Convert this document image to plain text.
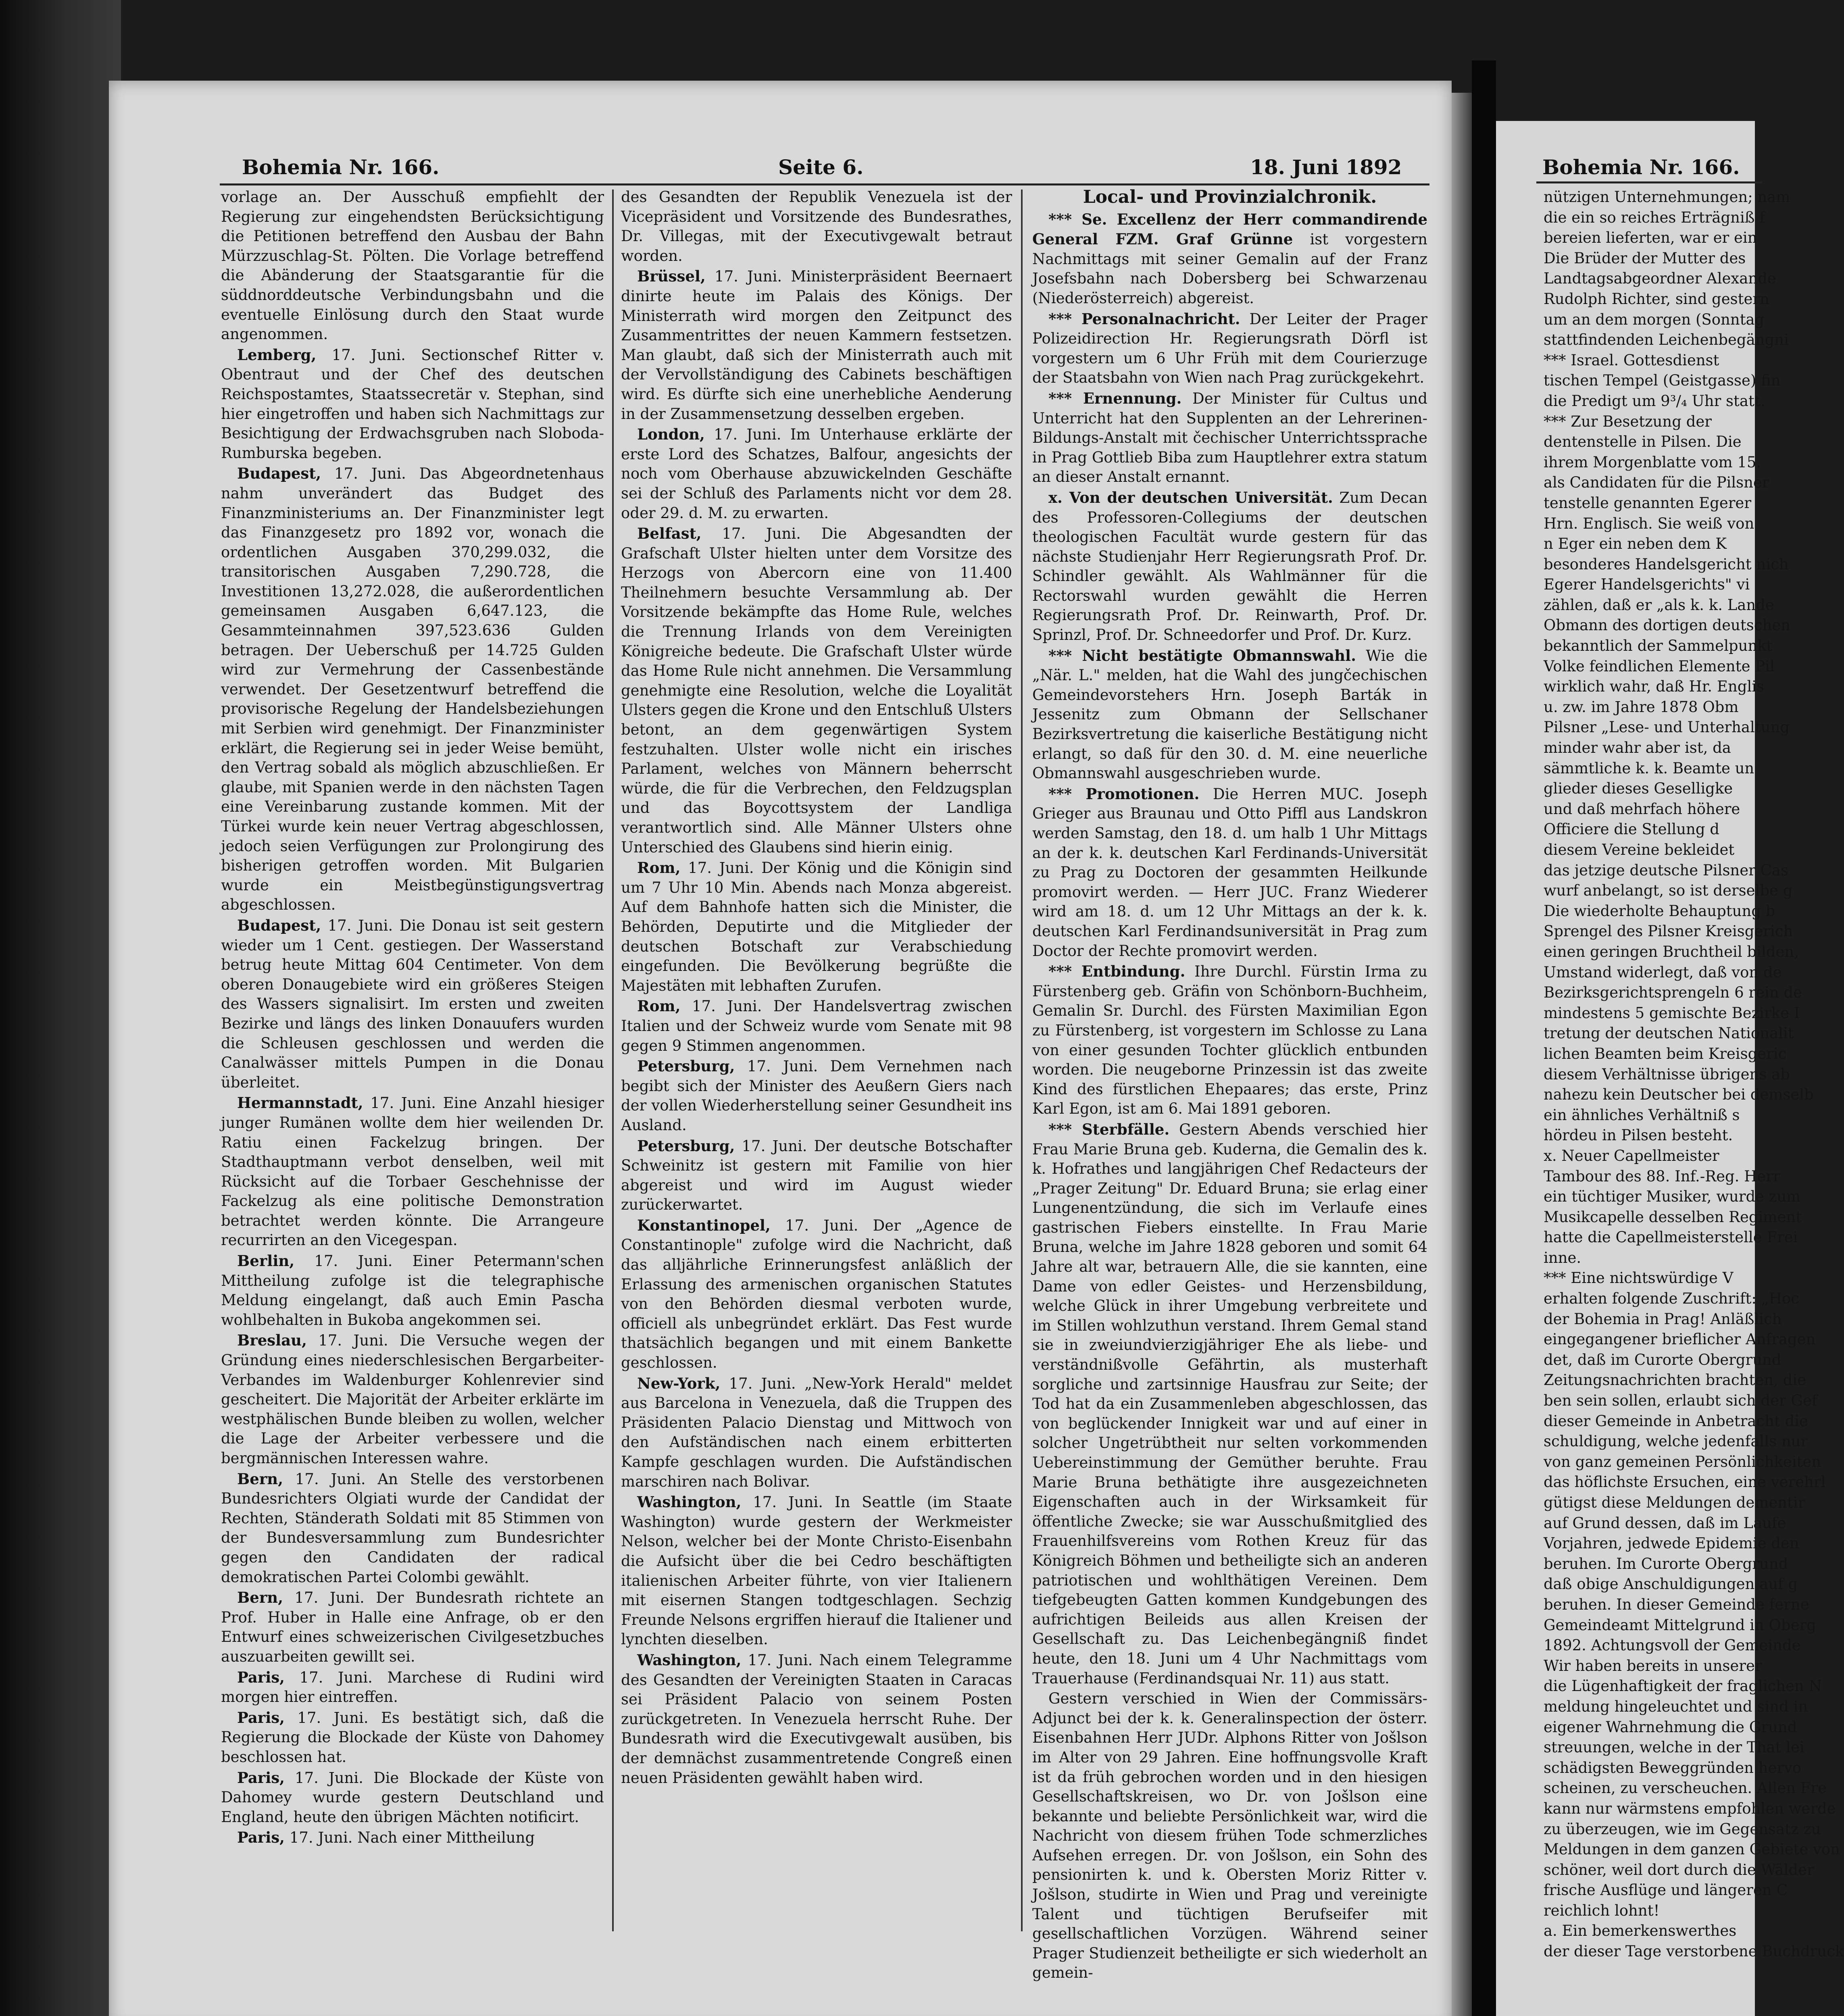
Bohemia Nr. 166.	Seite 6.	18. Juni 1892

vorlage an. Der Ausschuß empfiehlt der Regierung zur eingehendsten Berücksichtigung die Petitionen betreffend den Ausbau der Bahn Mürzzuschlag-St. Pölten. Die Vorlage betreffend die Abänderung der Staatsgarantie für die süddnorddeutsche Verbindungsbahn und die eventuelle Einlösung durch den Staat wurde angenommen.

Lemberg, 17. Juni. Sectionschef Ritter v. Obentraut und der Chef des deutschen Reichspostamtes, Staatssecretär v. Stephan, sind hier eingetroffen und haben sich Nachmittags zur Besichtigung der Erdwachsgruben nach Sloboda-Rumburska begeben.

Budapest, 17. Juni. Das Abgeordnetenhaus nahm unverändert das Budget des Finanzministeriums an. Der Finanzminister legt das Finanzgesetz pro 1892 vor, wonach die ordentlichen Ausgaben 370,299.032, die transitorischen Ausgaben 7,290.728, die Investitionen 13,272.028, die außerordentlichen gemeinsamen Ausgaben 6,647.123, die Gesammteinnahmen 397,523.636 Gulden betragen. Der Ueberschuß per 14.725 Gulden wird zur Vermehrung der Cassenbestände verwendet. Der Gesetzentwurf betreffend die provisorische Regelung der Handelsbeziehungen mit Serbien wird genehmigt. Der Finanzminister erklärt, die Regierung sei in jeder Weise bemüht, den Vertrag sobald als möglich abzuschließen. Er glaube, mit Spanien werde in den nächsten Tagen eine Vereinbarung zustande kommen. Mit der Türkei wurde kein neuer Vertrag abgeschlossen, jedoch seien Verfügungen zur Prolongirung des bisherigen getroffen worden. Mit Bulgarien wurde ein Meistbegünstigungsvertrag abgeschlossen.

Budapest, 17. Juni. Die Donau ist seit gestern wieder um 1 Cent. gestiegen. Der Wasserstand betrug heute Mittag 604 Centimeter. Von dem oberen Donaugebiete wird ein größeres Steigen des Wassers signalisirt. Im ersten und zweiten Bezirke und längs des linken Donauufers wurden die Schleusen geschlossen und werden die Canalwässer mittels Pumpen in die Donau überleitet.

Hermannstadt, 17. Juni. Eine Anzahl hiesiger junger Rumänen wollte dem hier weilenden Dr. Ratiu einen Fackelzug bringen. Der Stadthauptmann verbot denselben, weil mit Rücksicht auf die Torbaer Geschehnisse der Fackelzug als eine politische Demonstration betrachtet werden könnte. Die Arrangeure recurrirten an den Vicegespan.

Berlin, 17. Juni. Einer Petermann'schen Mittheilung zufolge ist die telegraphische Meldung eingelangt, daß auch Emin Pascha wohlbehalten in Bukoba angekommen sei.

Breslau, 17. Juni. Die Versuche wegen der Gründung eines niederschlesischen Bergarbeiter-Verbandes im Waldenburger Kohlenrevier sind gescheitert. Die Majorität der Arbeiter erklärte im westphälischen Bunde bleiben zu wollen, welcher die Lage der Arbeiter verbessere und die bergmännischen Interessen wahre.

Bern, 17. Juni. An Stelle des verstorbenen Bundesrichters Olgiati wurde der Candidat der Rechten, Ständerath Soldati mit 85 Stimmen von der Bundesversammlung zum Bundesrichter gegen den Candidaten der radical demokratischen Partei Colombi gewählt.

Bern, 17. Juni. Der Bundesrath richtete an Prof. Huber in Halle eine Anfrage, ob er den Entwurf eines schweizerischen Civilgesetzbuches auszuarbeiten gewillt sei.

Paris, 17. Juni. Marchese di Rudini wird morgen hier eintreffen.

Paris, 17. Juni. Es bestätigt sich, daß die Regierung die Blockade der Küste von Dahomey beschlossen hat.

Paris, 17. Juni. Die Blockade der Küste von Dahomey wurde gestern Deutschland und England, heute den übrigen Mächten notificirt.

Paris, 17. Juni. Nach einer Mittheilung

des Gesandten der Republik Venezuela ist der Vicepräsident und Vorsitzende des Bundesrathes, Dr. Villegas, mit der Executivgewalt betraut worden.

Brüssel, 17. Juni. Ministerpräsident Beernaert dinirte heute im Palais des Königs. Der Ministerrath wird morgen den Zeitpunct des Zusammentrittes der neuen Kammern festsetzen. Man glaubt, daß sich der Ministerrath auch mit der Vervollständigung des Cabinets beschäftigen wird. Es dürfte sich eine unerhebliche Aenderung in der Zusammensetzung desselben ergeben.

London, 17. Juni. Im Unterhause erklärte der erste Lord des Schatzes, Balfour, angesichts der noch vom Oberhause abzuwickelnden Geschäfte sei der Schluß des Parlaments nicht vor dem 28. oder 29. d. M. zu erwarten.

Belfast, 17. Juni. Die Abgesandten der Grafschaft Ulster hielten unter dem Vorsitze des Herzogs von Abercorn eine von 11.400 Theilnehmern besuchte Versammlung ab. Der Vorsitzende bekämpfte das Home Rule, welches die Trennung Irlands von dem Vereinigten Königreiche bedeute. Die Grafschaft Ulster würde das Home Rule nicht annehmen. Die Versammlung genehmigte eine Resolution, welche die Loyalität Ulsters gegen die Krone und den Entschluß Ulsters betont, an dem gegenwärtigen System festzuhalten. Ulster wolle nicht ein irisches Parlament, welches von Männern beherrscht würde, die für die Verbrechen, den Feldzugsplan und das Boycottsystem der Landliga verantwortlich sind. Alle Männer Ulsters ohne Unterschied des Glaubens sind hierin einig.

Rom, 17. Juni. Der König und die Königin sind um 7 Uhr 10 Min. Abends nach Monza abgereist. Auf dem Bahnhofe hatten sich die Minister, die Behörden, Deputirte und die Mitglieder der deutschen Botschaft zur Verabschiedung eingefunden. Die Bevölkerung begrüßte die Majestäten mit lebhaften Zurufen.

Rom, 17. Juni. Der Handelsvertrag zwischen Italien und der Schweiz wurde vom Senate mit 98 gegen 9 Stimmen angenommen.

Petersburg, 17. Juni. Dem Vernehmen nach begibt sich der Minister des Aeußern Giers nach der vollen Wiederherstellung seiner Gesundheit ins Ausland.

Petersburg, 17. Juni. Der deutsche Botschafter Schweinitz ist gestern mit Familie von hier abgereist und wird im August wieder zurückerwartet.

Konstantinopel, 17. Juni. Der „Agence de Constantinople" zufolge wird die Nachricht, daß das alljährliche Erinnerungsfest anläßlich der Erlassung des armenischen organischen Statutes von den Behörden diesmal verboten wurde, officiell als unbegründet erklärt. Das Fest wurde thatsächlich begangen und mit einem Bankette geschlossen.

New-York, 17. Juni. „New-York Herald" meldet aus Barcelona in Venezuela, daß die Truppen des Präsidenten Palacio Dienstag und Mittwoch von den Aufständischen nach einem erbitterten Kampfe geschlagen wurden. Die Aufständischen marschiren nach Bolivar.

Washington, 17. Juni. In Seattle (im Staate Washington) wurde gestern der Werkmeister Nelson, welcher bei der Monte Christo-Eisenbahn die Aufsicht über die bei Cedro beschäftigten italienischen Arbeiter führte, von vier Italienern mit eisernen Stangen todtgeschlagen. Sechzig Freunde Nelsons ergriffen hierauf die Italiener und lynchten dieselben.

Washington, 17. Juni. Nach einem Telegramme des Gesandten der Vereinigten Staaten in Caracas sei Präsident Palacio von seinem Posten zurückgetreten. In Venezuela herrscht Ruhe. Der Bundesrath wird die Executivgewalt ausüben, bis der demnächst zusammentretende Congreß einen neuen Präsidenten gewählt haben wird.

Local- und Provinzialchronik.

*** Se. Excellenz der Herr commandirende General FZM. Graf Grünne ist vorgestern Nachmittags mit seiner Gemalin auf der Franz Josefsbahn nach Dobersberg bei Schwarzenau (Niederösterreich) abgereist.

*** Personalnachricht. Der Leiter der Prager Polizeidirection Hr. Regierungsrath Dörfl ist vorgestern um 6 Uhr Früh mit dem Courierzuge der Staatsbahn von Wien nach Prag zurückgekehrt.

*** Ernennung. Der Minister für Cultus und Unterricht hat den Supplenten an der Lehrerinen-Bildungs-Anstalt mit čechischer Unterrichtssprache in Prag Gottlieb Biba zum Hauptlehrer extra statum an dieser Anstalt ernannt.

x. Von der deutschen Universität. Zum Decan des Professoren-Collegiums der deutschen theologischen Facultät wurde gestern für das nächste Studienjahr Herr Regierungsrath Prof. Dr. Schindler gewählt. Als Wahlmänner für die Rectorswahl wurden gewählt die Herren Regierungsrath Prof. Dr. Reinwarth, Prof. Dr. Sprinzl, Prof. Dr. Schneedorfer und Prof. Dr. Kurz.

*** Nicht bestätigte Obmannswahl. Wie die „När. L." melden, hat die Wahl des jungčechischen Gemeindevorstehers Hrn. Joseph Barták in Jessenitz zum Obmann der Sellschaner Bezirksvertretung die kaiserliche Bestätigung nicht erlangt, so daß für den 30. d. M. eine neuerliche Obmannswahl ausgeschrieben wurde.

*** Promotionen. Die Herren MUC. Joseph Grieger aus Braunau und Otto Piffl aus Landskron werden Samstag, den 18. d. um halb 1 Uhr Mittags an der k. k. deutschen Karl Ferdinands-Universität zu Prag zu Doctoren der gesammten Heilkunde promovirt werden. — Herr JUC. Franz Wiederer wird am 18. d. um 12 Uhr Mittags an der k. k. deutschen Karl Ferdinandsuniversität in Prag zum Doctor der Rechte promovirt werden.

*** Entbindung. Ihre Durchl. Fürstin Irma zu Fürstenberg geb. Gräfin von Schönborn-Buchheim, Gemalin Sr. Durchl. des Fürsten Maximilian Egon zu Fürstenberg, ist vorgestern im Schlosse zu Lana von einer gesunden Tochter glücklich entbunden worden. Die neugeborne Prinzessin ist das zweite Kind des fürstlichen Ehepaares; das erste, Prinz Karl Egon, ist am 6. Mai 1891 geboren.

*** Sterbfälle. Gestern Abends verschied hier Frau Marie Bruna geb. Kuderna, die Gemalin des k. k. Hofrathes und langjährigen Chef Redacteurs der „Prager Zeitung" Dr. Eduard Bruna; sie erlag einer Lungenentzündung, die sich im Verlaufe eines gastrischen Fiebers einstellte. In Frau Marie Bruna, welche im Jahre 1828 geboren und somit 64 Jahre alt war, betrauern Alle, die sie kannten, eine Dame von edler Geistes- und Herzensbildung, welche Glück in ihrer Umgebung verbreitete und im Stillen wohlzuthun verstand. Ihrem Gemal stand sie in zweiundvierzigjähriger Ehe als liebe- und verständnißvolle Gefährtin, als musterhaft sorgliche und zartsinnige Hausfrau zur Seite; der Tod hat da ein Zusammenleben abgeschlossen, das von beglückender Innigkeit war und auf einer in solcher Ungetrübtheit nur selten vorkommenden Uebereinstimmung der Gemüther beruhte. Frau Marie Bruna bethätigte ihre ausgezeichneten Eigenschaften auch in der Wirksamkeit für öffentliche Zwecke; sie war Ausschußmitglied des Frauenhilfsvereins vom Rothen Kreuz für das Königreich Böhmen und betheiligte sich an anderen patriotischen und wohlthätigen Vereinen. Dem tiefgebeugten Gatten kommen Kundgebungen des aufrichtigen Beileids aus allen Kreisen der Gesellschaft zu. Das Leichenbegängniß findet heute, den 18. Juni um 4 Uhr Nachmittags vom Trauerhause (Ferdinandsquai Nr. 11) aus statt.

Gestern verschied in Wien der Commissärs-Adjunct bei der k. k. Generalinspection der österr. Eisenbahnen Herr JUDr. Alphons Ritter von Jošlson im Alter von 29 Jahren. Eine hoffnungsvolle Kraft ist da früh gebrochen worden und in den hiesigen Gesellschaftskreisen, wo Dr. von Jošlson eine bekannte und beliebte Persönlichkeit war, wird die Nachricht von diesem frühen Tode schmerzliches Aufsehen erregen. Dr. von Jošlson, ein Sohn des pensionirten k. und k. Obersten Moriz Ritter v. Jošlson, studirte in Wien und Prag und vereinigte Talent und tüchtigen Berufseifer mit gesellschaftlichen Vorzügen. Während seiner Prager Studienzeit betheiligte er sich wiederholt an gemein-

Bohemia Nr. 166.

nützigen Unternehmungen; nam

die ein so reiches Erträgniß f

bereien lieferten, war er ein

Die Brüder der Mutter des

Landtagsabgeordner Alexande

Rudolph Richter, sind gestern

um an dem morgen (Sonntag

stattfindenden Leichenbegängni

*** Israel. Gottesdienst

tischen Tempel (Geistgasse) fin

die Predigt um 9³/₄ Uhr statt.

*** Zur Besetzung der

dentenstelle in Pilsen. Die

ihrem Morgenblatte vom 15.

als Candidaten für die Pilsner

tenstelle genannten Egerer

Hrn. Englisch. Sie weiß von

n Eger ein neben dem K

besonderes Handelsgericht nich

Egerer Handelsgerichts" vi

zählen, daß er „als k. k. Lande

Obmann des dortigen deutschen

bekanntlich der Sammelpunkt

Volke feindlichen Elemente Pil

wirklich wahr, daß Hr. Englis

u. zw. im Jahre 1878 Obm

Pilsner „Lese- und Unterhaltung

minder wahr aber ist, da

sämmtliche k. k. Beamte un

glieder dieses Geselligke

und daß mehrfach höhere

Officiere die Stellung d

diesem Vereine bekleidet

das jetzige deutsche Pilsner Cas

wurf anbelangt, so ist derselbe g

Die wiederholte Behauptung b

Sprengel des Pilsner Kreisgerich

einen geringen Bruchtheil bilden,

Umstand widerlegt, daß von de

Bezirksgerichtsprengeln 6 rein de

mindestens 5 gemischte Bezirke I

tretung der deutschen Nationalit

lichen Beamten beim Kreisgeric

diesem Verhältnisse übrigens ab

nahezu kein Deutscher bei demselb

ein ähnliches Verhältniß s

hördeu in Pilsen besteht.

x. Neuer Capellmeister

Tambour des 88. Inf.-Reg. Herr

ein tüchtiger Musiker, wurde zum

Musikcapelle desselben Regiment

hatte die Capellmeisterstelle Frei

inne.

*** Eine nichtswürdige V

erhalten folgende Zuschrift: „Hoc

der Bohemia in Prag! Anläßlich

eingegangener brieflicher Anfragen

det, daß im Curorte Obergrund

Zeitungsnachrichten brachten, die

ben sein sollen, erlaubt sich der Gef

dieser Gemeinde in Anbetracht die

schuldigung, welche jedenfalls nur

von ganz gemeinen Persönlichkeiten

das höflichste Ersuchen, eine verehrl

gütigst diese Meldungen dementir

auf Grund dessen, daß im Laufe

Vorjahren, jedwede Epidemie den

beruhen. Im Curorte Obergrund

daß obige Anschuldigungen auf g

beruhen. In dieser Gemeinde ferne

Gemeindeamt Mittelgrund in Oberg

1892. Achtungsvoll der Gemeinde

Wir haben bereits in unserer

die Lügenhaftigkeit der fraglichen N

meldung hingeleuchtet und sind in

eigener Wahrnehmung die Grund

streuungen, welche in der That lei

schädigsten Beweggründen hervo

scheinen, zu verscheuchen. Allen Fre

kann nur wärmstens empfohlen werde

zu überzeugen, wie im Gegensatz zu

Meldungen in dem ganzen Gebiete von

schöner, weil dort durch die Wälder

frische Ausflüge und längeren C

reichlich lohnt!

a. Ein bemerkenswerthes

der dieser Tage verstorbene Buchdruck
